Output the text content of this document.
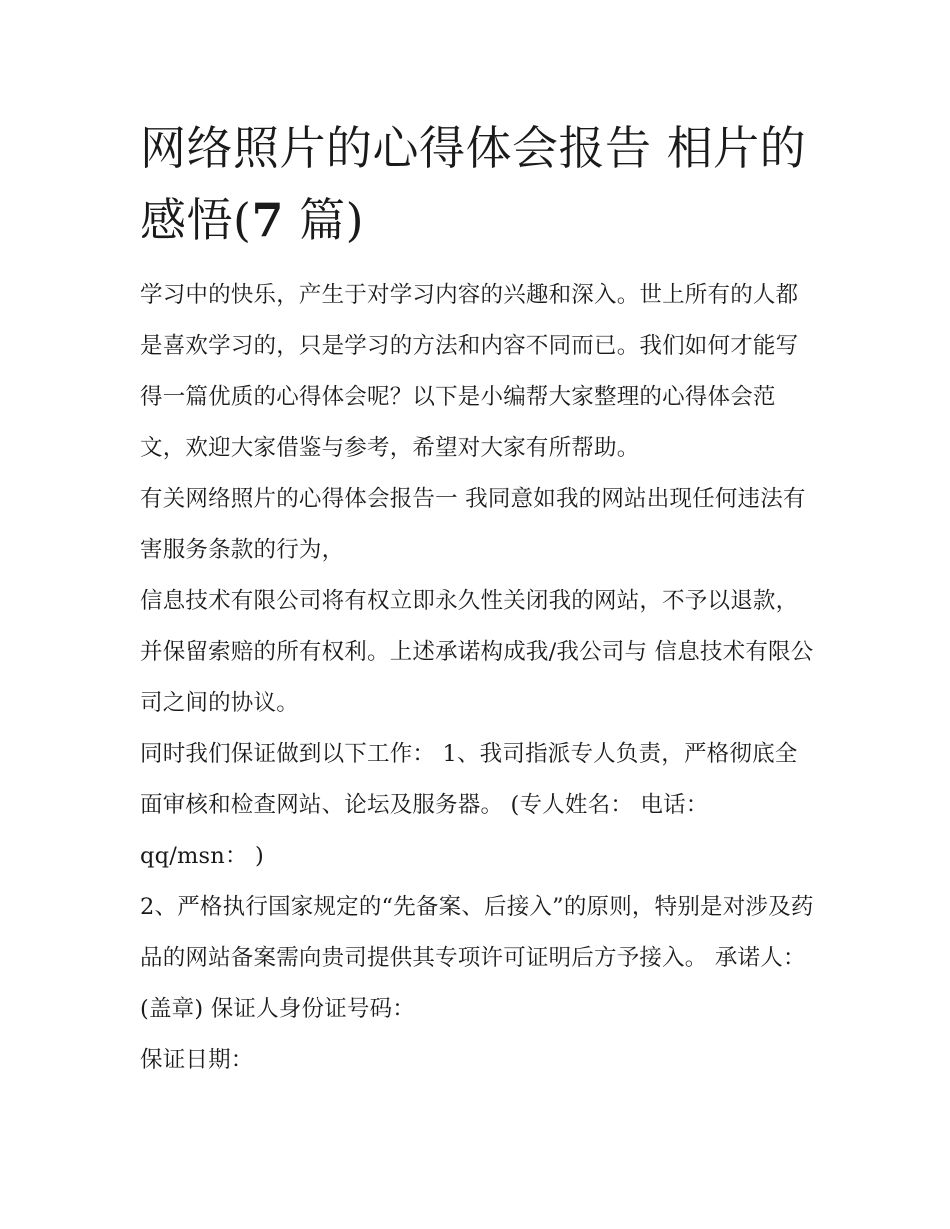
网络照片的心得体会报告 相片的感悟(7 篇)

学习中的快乐，产生于对学习内容的兴趣和深入。世上所有的人都是喜欢学习的，只是学习的方法和内容不同而已。我们如何才能写得一篇优质的心得体会呢？以下是小编帮大家整理的心得体会范文，欢迎大家借鉴与参考，希望对大家有所帮助。

有关网络照片的心得体会报告一 我同意如我的网站出现任何违法有害服务条款的行为，

信息技术有限公司将有权立即永久性关闭我的网站，不予以退款，并保留索赔的所有权利。上述承诺构成我/我公司与 信息技术有限公司之间的协议。

同时我们保证做到以下工作： 1、我司指派专人负责，严格彻底全面审核和检查网站、论坛及服务器。 (专人姓名： 电话：qq/msn： )

2、严格执行国家规定的“先备案、后接入”的原则，特别是对涉及药品的网站备案需向贵司提供其专项许可证明后方予接入。 承诺人：(盖章) 保证人身份证号码：

保证日期：
